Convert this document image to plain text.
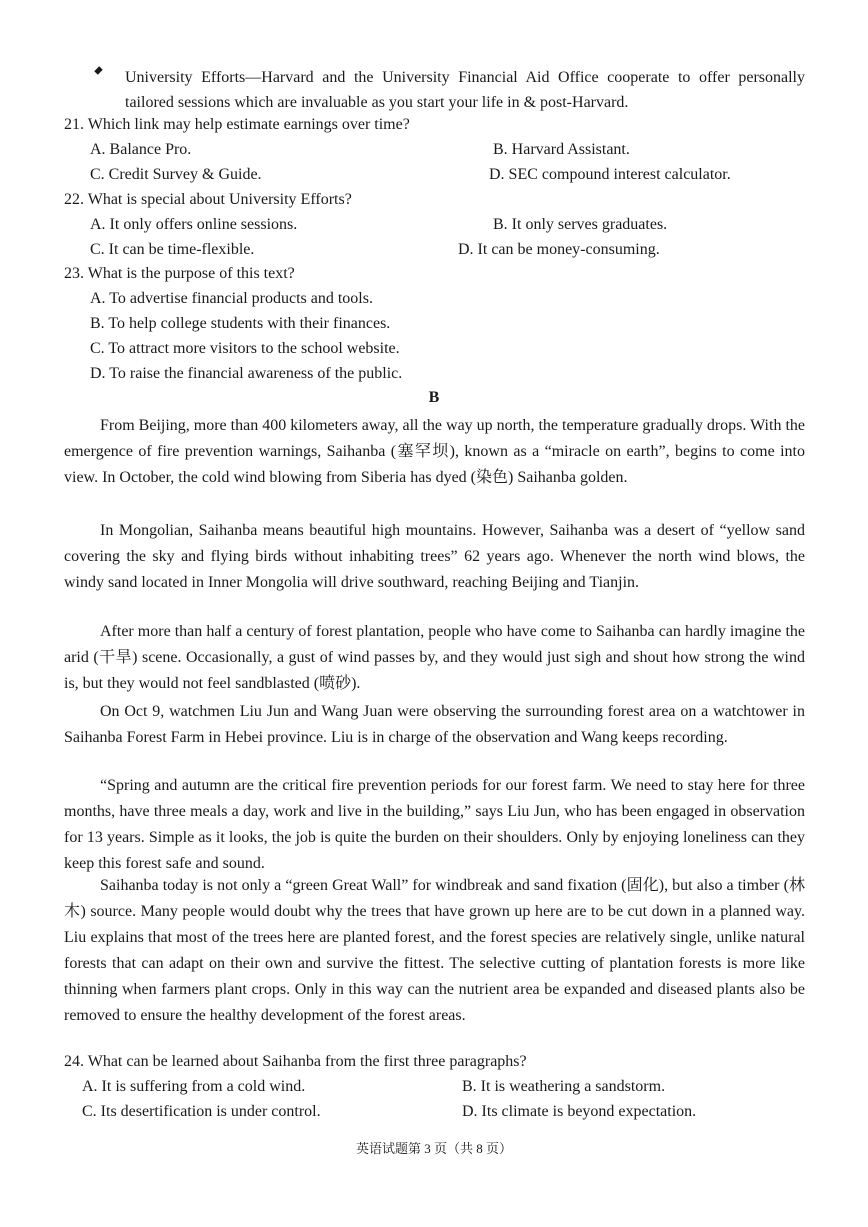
University Efforts—Harvard and the University Financial Aid Office cooperate to offer personally tailored sessions which are invaluable as you start your life in & post-Harvard.
21. Which link may help estimate earnings over time?
A. Balance Pro.	B. Harvard Assistant.
C. Credit Survey & Guide.	D. SEC compound interest calculator.
22. What is special about University Efforts?
A. It only offers online sessions.	B. It only serves graduates.
C. It can be time-flexible.	D. It can be money-consuming.
23. What is the purpose of this text?
A. To advertise financial products and tools.
B. To help college students with their finances.
C. To attract more visitors to the school website.
D. To raise the financial awareness of the public.
B
From Beijing, more than 400 kilometers away, all the way up north, the temperature gradually drops. With the emergence of fire prevention warnings, Saihanba (塞罕坝), known as a “miracle on earth”, begins to come into view. In October, the cold wind blowing from Siberia has dyed (染色) Saihanba golden.
In Mongolian, Saihanba means beautiful high mountains. However, Saihanba was a desert of “yellow sand covering the sky and flying birds without inhabiting trees” 62 years ago. Whenever the north wind blows, the windy sand located in Inner Mongolia will drive southward, reaching Beijing and Tianjin.
After more than half a century of forest plantation, people who have come to Saihanba can hardly imagine the arid (干旱) scene. Occasionally, a gust of wind passes by, and they would just sigh and shout how strong the wind is, but they would not feel sandblasted (喷砂).
On Oct 9, watchmen Liu Jun and Wang Juan were observing the surrounding forest area on a watchtower in Saihanba Forest Farm in Hebei province. Liu is in charge of the observation and Wang keeps recording.
“Spring and autumn are the critical fire prevention periods for our forest farm. We need to stay here for three months, have three meals a day, work and live in the building,” says Liu Jun, who has been engaged in observation for 13 years. Simple as it looks, the job is quite the burden on their shoulders. Only by enjoying loneliness can they keep this forest safe and sound.
Saihanba today is not only a “green Great Wall” for windbreak and sand fixation (固化), but also a timber (林木) source. Many people would doubt why the trees that have grown up here are to be cut down in a planned way. Liu explains that most of the trees here are planted forest, and the forest species are relatively single, unlike natural forests that can adapt on their own and survive the fittest. The selective cutting of plantation forests is more like thinning when farmers plant crops. Only in this way can the nutrient area be expanded and diseased plants also be removed to ensure the healthy development of the forest areas.
24. What can be learned about Saihanba from the first three paragraphs?
A. It is suffering from a cold wind.	B. It is weathering a sandstorm.
C. Its desertification is under control.	D. Its climate is beyond expectation.
英语试题第 3 页（共 8 页）
